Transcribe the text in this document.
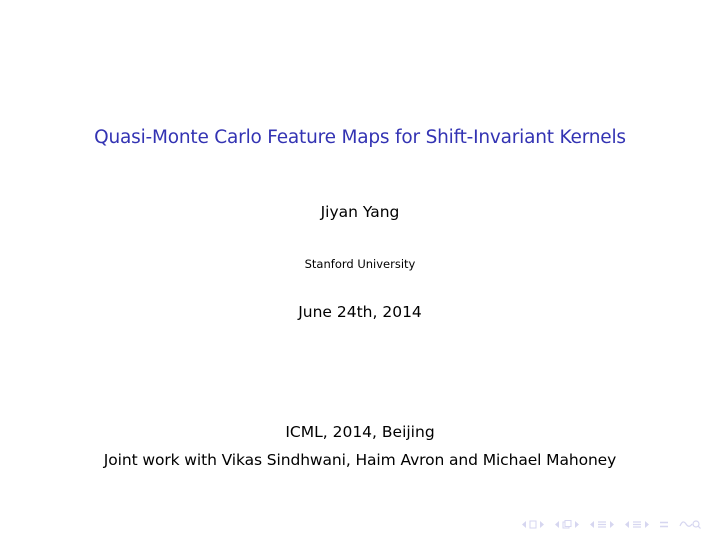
Quasi-Monte Carlo Feature Maps for Shift-Invariant Kernels
Jiyan Yang
Stanford University
June 24th, 2014
ICML, 2014, Beijing
Joint work with Vikas Sindhwani, Haim Avron and Michael Mahoney
